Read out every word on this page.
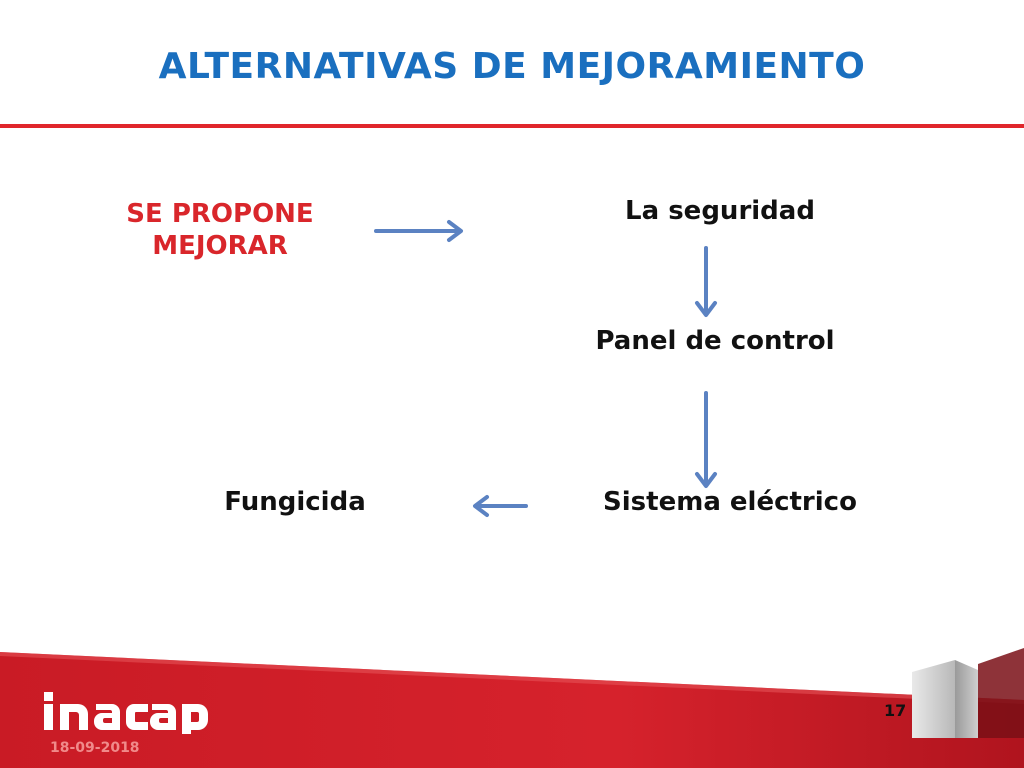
ALTERNATIVAS DE MEJORAMIENTO
SE PROPONE
MEJORAR
La seguridad
Panel de control
Sistema eléctrico
Fungicida
18-09-2018
17
